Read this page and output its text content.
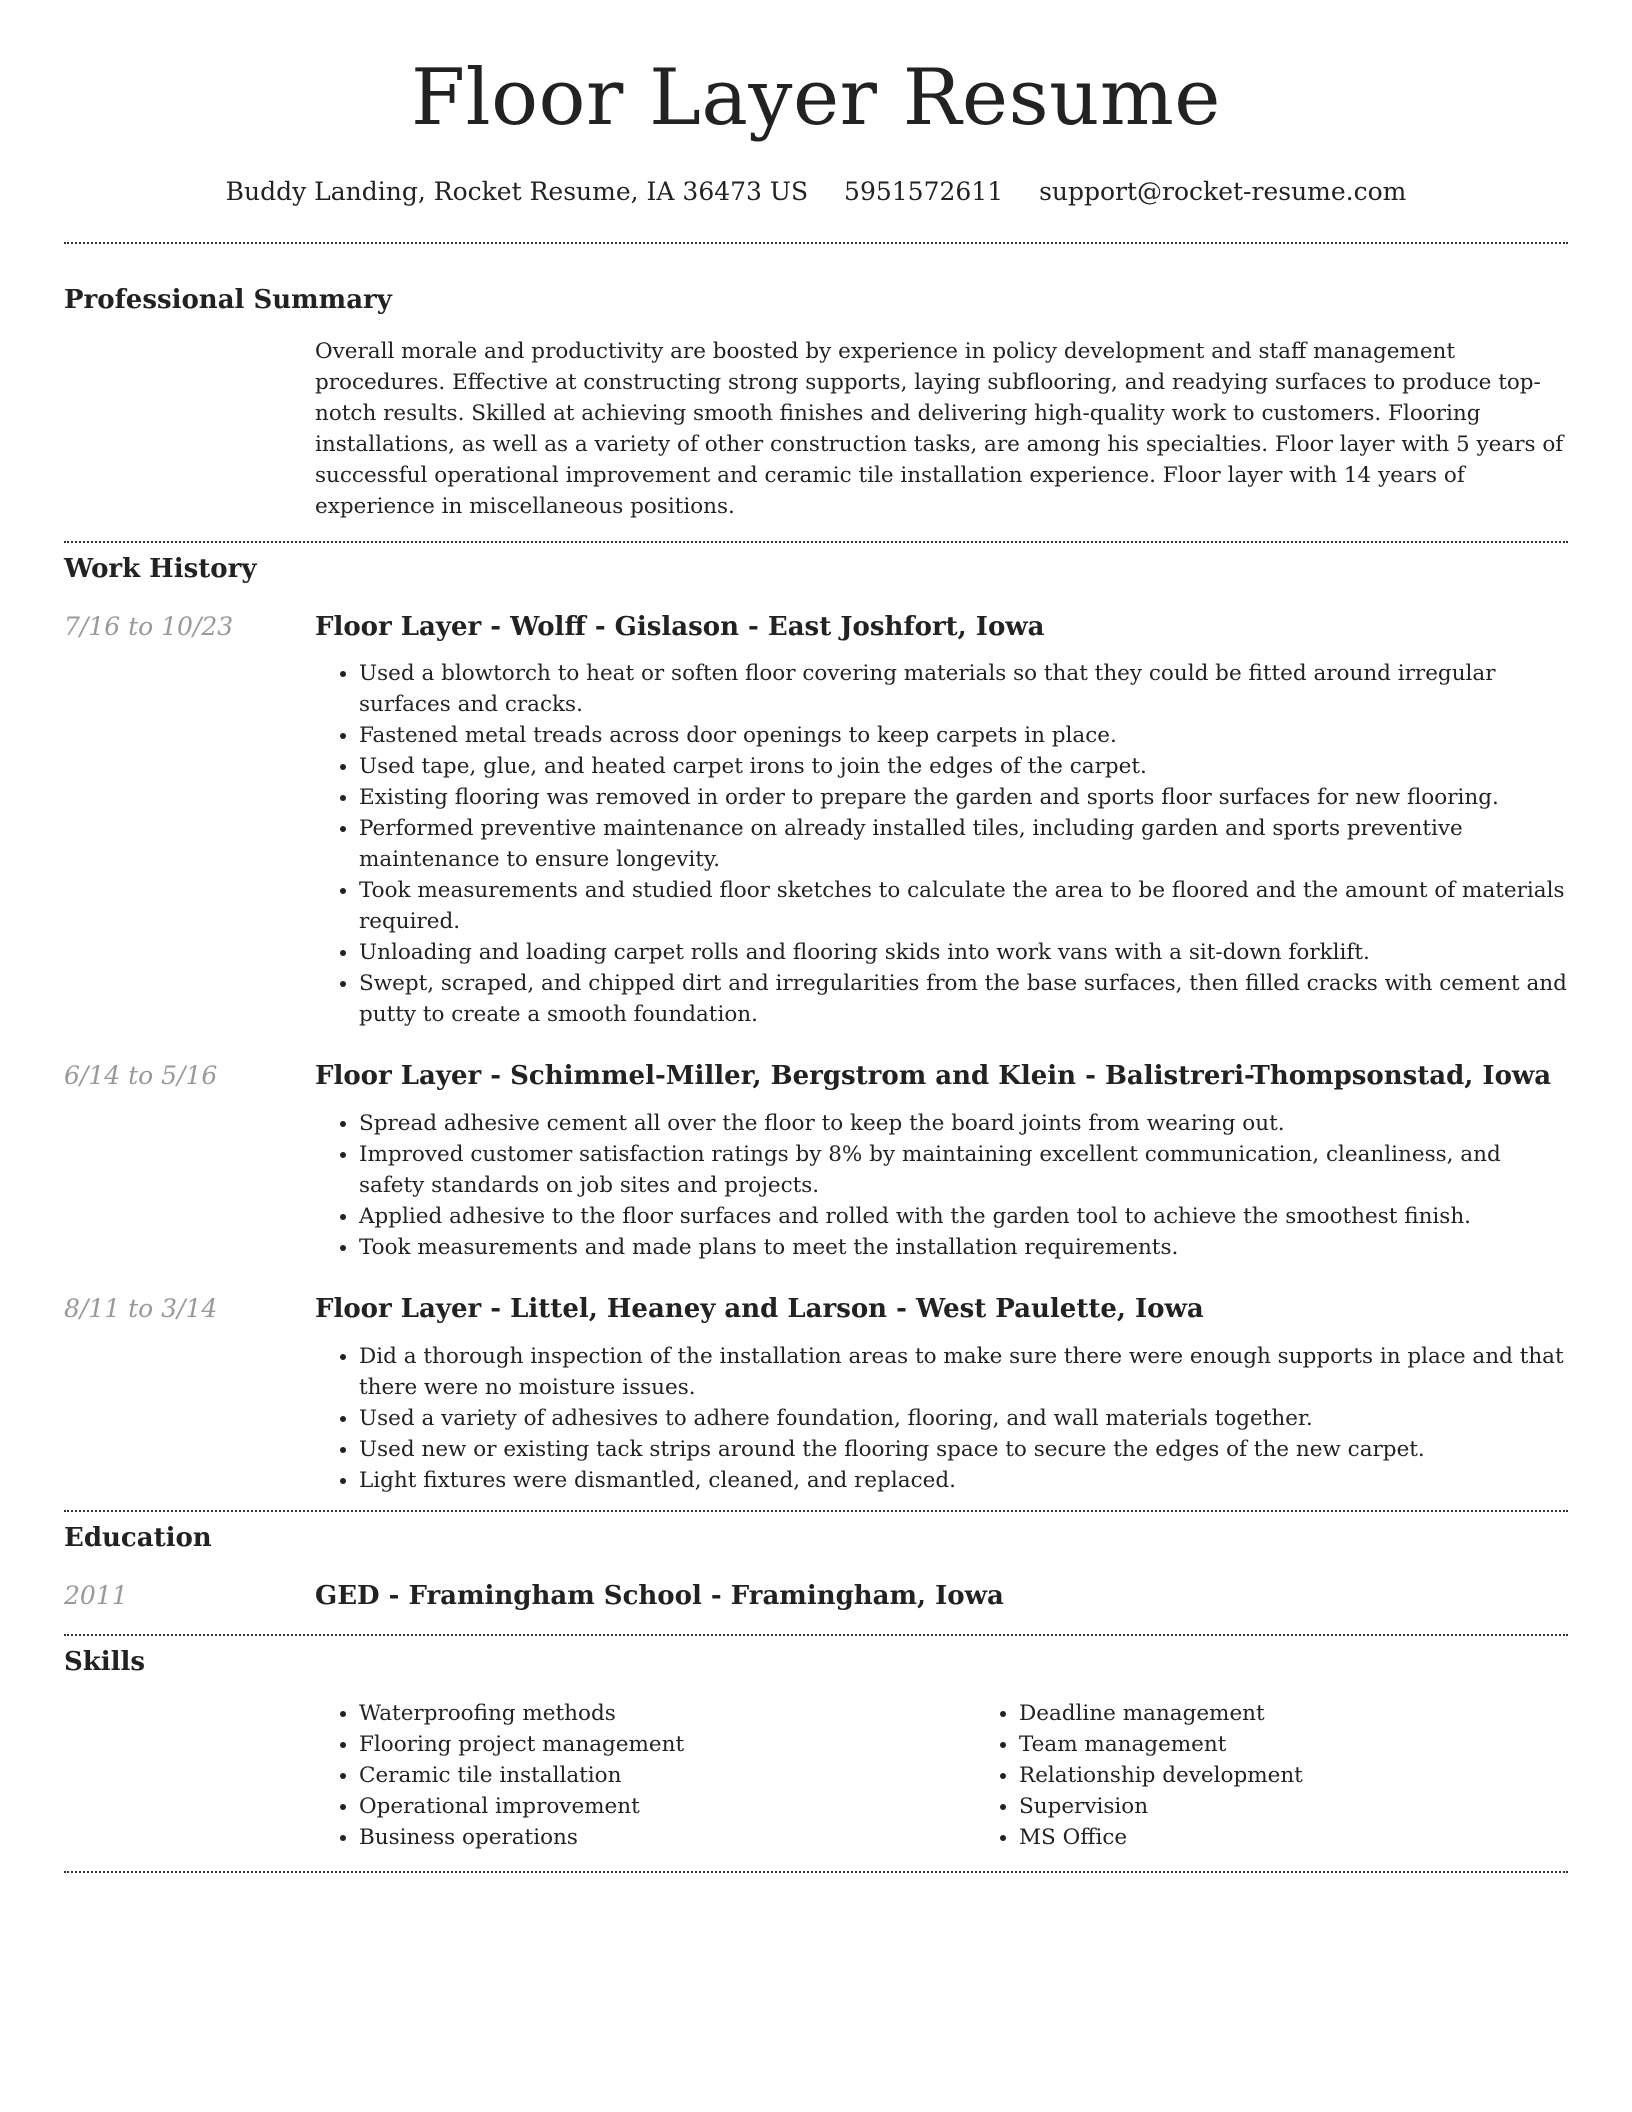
Floor Layer Resume
Buddy Landing, Rocket Resume, IA 36473 US 5951572611 support@rocket-resume.com
Professional Summary

Overall morale and productivity are boosted by experience in policy development and staff management procedures. Effective at constructing strong supports, laying subflooring, and readying surfaces to produce top-notch results. Skilled at achieving smooth finishes and delivering high-quality work to customers. Flooring installations, as well as a variety of other construction tasks, are among his specialties. Floor layer with 5 years of successful operational improvement and ceramic tile installation experience. Floor layer with 14 years of experience in miscellaneous positions.

Work History
7/16 to 10/23	Floor Layer - Wolff - Gislason - East Joshfort, Iowa
• Used a blowtorch to heat or soften floor covering materials so that they could be fitted around irregular surfaces and cracks.
• Fastened metal treads across door openings to keep carpets in place.
• Used tape, glue, and heated carpet irons to join the edges of the carpet.
• Existing flooring was removed in order to prepare the garden and sports floor surfaces for new flooring.
• Performed preventive maintenance on already installed tiles, including garden and sports preventive maintenance to ensure longevity.
• Took measurements and studied floor sketches to calculate the area to be floored and the amount of materials required.
• Unloading and loading carpet rolls and flooring skids into work vans with a sit-down forklift.
• Swept, scraped, and chipped dirt and irregularities from the base surfaces, then filled cracks with cement and putty to create a smooth foundation.
6/14 to 5/16	Floor Layer - Schimmel-Miller, Bergstrom and Klein - Balistreri-Thompsonstad, Iowa
• Spread adhesive cement all over the floor to keep the board joints from wearing out.
• Improved customer satisfaction ratings by 8% by maintaining excellent communication, cleanliness, and safety standards on job sites and projects.
• Applied adhesive to the floor surfaces and rolled with the garden tool to achieve the smoothest finish.
• Took measurements and made plans to meet the installation requirements.
8/11 to 3/14	Floor Layer - Littel, Heaney and Larson - West Paulette, Iowa
• Did a thorough inspection of the installation areas to make sure there were enough supports in place and that there were no moisture issues.
• Used a variety of adhesives to adhere foundation, flooring, and wall materials together.
• Used new or existing tack strips around the flooring space to secure the edges of the new carpet.
• Light fixtures were dismantled, cleaned, and replaced.
Education
2011	GED - Framingham School - Framingham, Iowa
Skills
• Waterproofing methods
• Flooring project management
• Ceramic tile installation
• Operational improvement
• Business operations
• Deadline management
• Team management
• Relationship development
• Supervision
• MS Office
